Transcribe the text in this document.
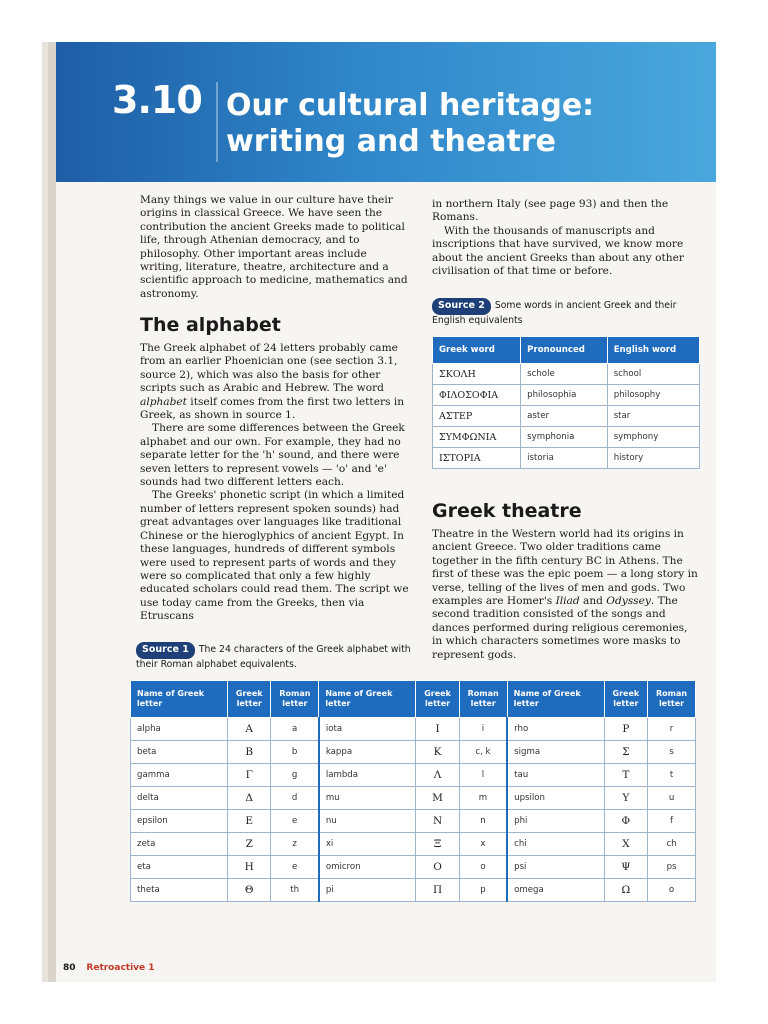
3.10 Our cultural heritage:
writing and theatre

Many things we value in our culture have their origins in classical Greece. We have seen the contribution the ancient Greeks made to political life, through Athenian democracy, and to philosophy. Other important areas include writing, literature, theatre, architecture and a scientific approach to medicine, mathematics and astronomy.

The alphabet

The Greek alphabet of 24 letters probably came from an earlier Phoenician one (see section 3.1, source 2), which was also the basis for other scripts such as Arabic and Hebrew. The word alphabet itself comes from the first two letters in Greek, as shown in source 1.

There are some differences between the Greek alphabet and our own. For example, they had no separate letter for the 'h' sound, and there were seven letters to represent vowels — 'o' and 'e' sounds had two different letters each.

The Greeks' phonetic script (in which a limited number of letters represent spoken sounds) had great advantages over languages like traditional Chinese or the hieroglyphics of ancient Egypt. In these languages, hundreds of different symbols were used to represent parts of words and they were so complicated that only a few highly educated scholars could read them. The script we use today came from the Greeks, then via Etruscans

Source 1 The 24 characters of the Greek alphabet with their Roman alphabet equivalents.

in northern Italy (see page 93) and then the Romans.

With the thousands of manuscripts and inscriptions that have survived, we know more about the ancient Greeks than about any other civilisation of that time or before.

Source 2 Some words in ancient Greek and their English equivalents
Greek word	Pronounced	English word
ΣΚΟΛΗ	schole	school
ΦΙΛΟΣΟΦΙΑ	philosophia	philosophy
ΑΣΤΕΡ	aster	star
ΣΥΜΦΩΝΙΑ	symphonia	symphony
ΙΣΤΟΡΙΑ	istoria	history
Greek theatre

Theatre in the Western world had its origins in ancient Greece. Two older traditions came together in the fifth century BC in Athens. The first of these was the epic poem — a long story in verse, telling of the lives of men and gods. Two examples are Homer's Iliad and Odyssey. The second tradition consisted of the songs and dances performed during religious ceremonies, in which characters sometimes wore masks to represent gods.

Name of Greek letter	Greek letter	Roman letter	Name of Greek letter	Greek letter	Roman letter	Name of Greek letter	Greek letter	Roman letter
alpha	Α	a	iota	Ι	i	rho	Ρ	r
beta	Β	b	kappa	Κ	c, k	sigma	Σ	s
gamma	Γ	g	lambda	Λ	l	tau	Τ	t
delta	Δ	d	mu	Μ	m	upsilon	Υ	u
epsilon	Ε	e	nu	Ν	n	phi	Φ	f
zeta	Ζ	z	xi	Ξ	x	chi	Χ	ch
eta	Η	e	omicron	Ο	o	psi	Ψ	ps
theta	Θ	th	pi	Π	p	omega	Ω	o
80 Retroactive 1
